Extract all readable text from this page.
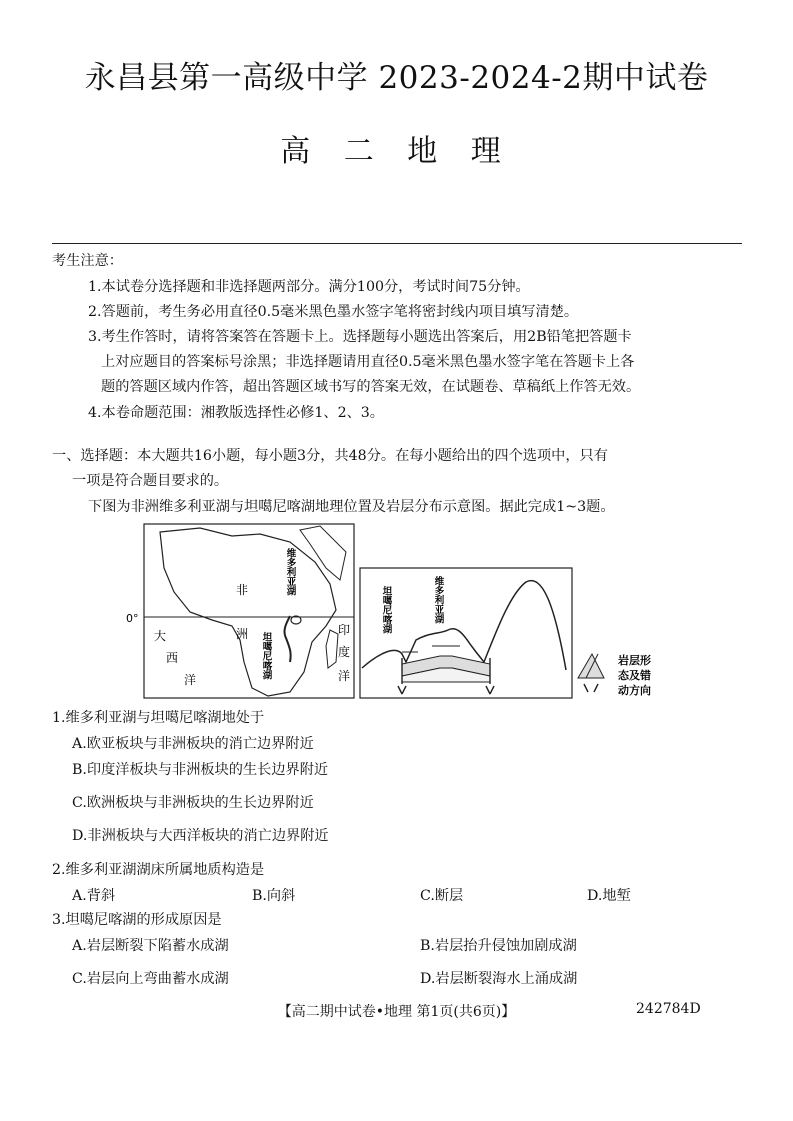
永昌县第一高级中学 2023-2024-2期中试卷
高 二 地 理
考生注意：
1.本试卷分选择题和非选择题两部分。满分100分，考试时间75分钟。
2.答题前，考生务必用直径0.5毫米黑色墨水签字笔将密封线内项目填写清楚。
3.考生作答时，请将答案答在答题卡上。选择题每小题选出答案后，用2B铅笔把答题卡
上对应题目的答案标号涂黑；非选择题请用直径0.5毫米黑色墨水签字笔在答题卡上各
题的答题区域内作答，超出答题区域书写的答案无效，在试题卷、草稿纸上作答无效。
4.本卷命题范围：湘教版选择性必修1、2、3。
一、选择题：本大题共16小题，每小题3分，共48分。在每小题给出的四个选项中，只有
一项是符合题目要求的。
下图为非洲维多利亚湖与坦噶尼喀湖地理位置及岩层分布示意图。据此完成1~3题。
非
洲
0°
大
西
洋
印
度
洋
维多利亚湖
坦噶尼喀湖
坦噶尼喀湖	维多利亚湖
岩层形
态及错
动方向
1.维多利亚湖与坦噶尼喀湖地处于
A.欧亚板块与非洲板块的消亡边界附近
B.印度洋板块与非洲板块的生长边界附近
C.欧洲板块与非洲板块的生长边界附近
D.非洲板块与大西洋板块的消亡边界附近
2.维多利亚湖湖床所属地质构造是
A.背斜	B.向斜	C.断层	D.地堑
3.坦噶尼喀湖的形成原因是
A.岩层断裂下陷蓄水成湖	B.岩层抬升侵蚀加剧成湖
C.岩层向上弯曲蓄水成湖	D.岩层断裂海水上涌成湖
【高二期中试卷•地理 第1页(共6页)】	242784D
